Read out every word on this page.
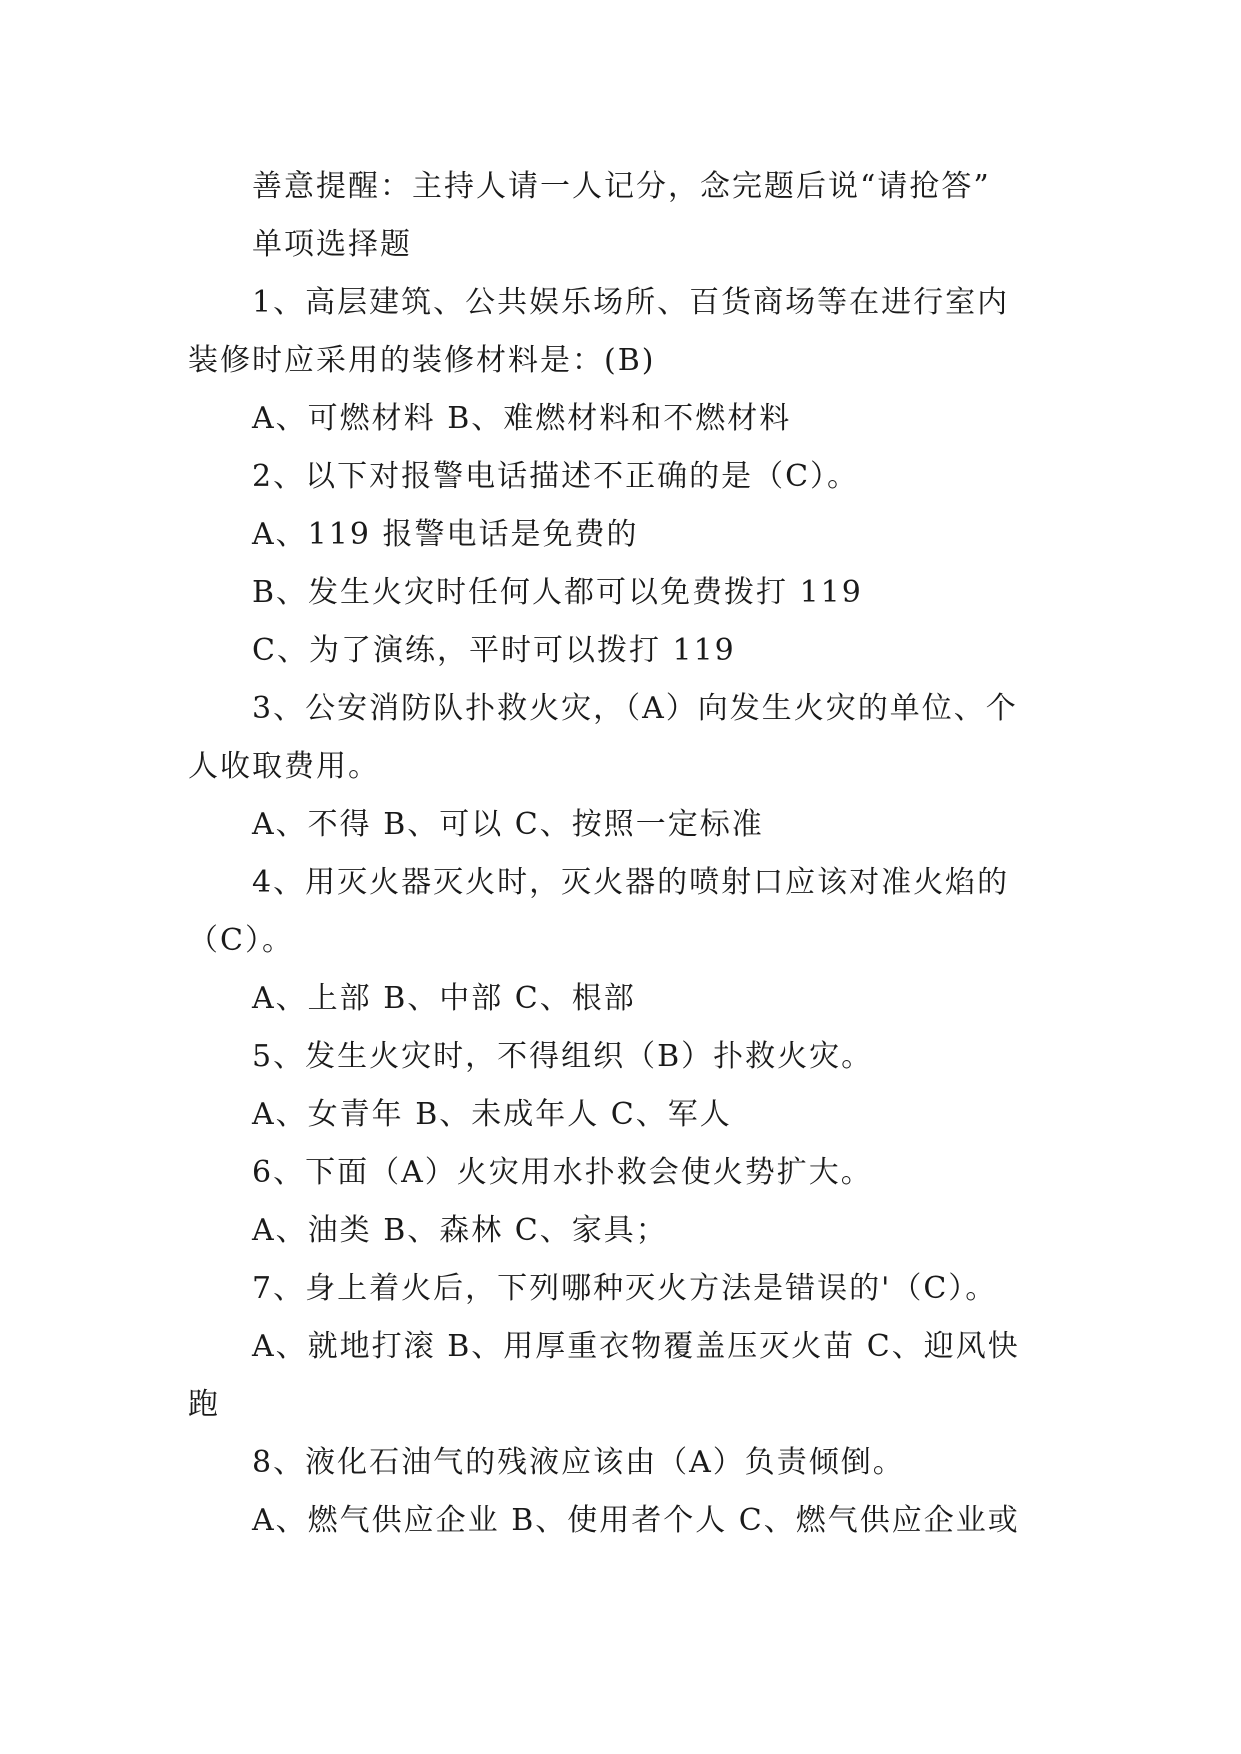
善意提醒：主持人请一人记分，念完题后说“请抢答”
单项选择题
1、高层建筑、公共娱乐场所、百货商场等在进行室内
装修时应采用的装修材料是：(B)
A、可燃材料 B、难燃材料和不燃材料
2、以下对报警电话描述不正确的是（C）。
A、119 报警电话是免费的
B、发生火灾时任何人都可以免费拨打 119
C、为了演练，平时可以拨打 119
3、公安消防队扑救火灾，（A）向发生火灾的单位、个
人收取费用。
A、不得 B、可以 C、按照一定标准
4、用灭火器灭火时，灭火器的喷射口应该对准火焰的
（C）。
A、上部 B、中部 C、根部
5、发生火灾时，不得组织（B）扑救火灾。
A、女青年 B、未成年人 C、军人
6、下面（A）火灾用水扑救会使火势扩大。
A、油类 B、森林 C、家具；
7、身上着火后，下列哪种灭火方法是错误的'（C）。
A、就地打滚 B、用厚重衣物覆盖压灭火苗 C、迎风快
跑
8、液化石油气的残液应该由（A）负责倾倒。
A、燃气供应企业 B、使用者个人 C、燃气供应企业或
